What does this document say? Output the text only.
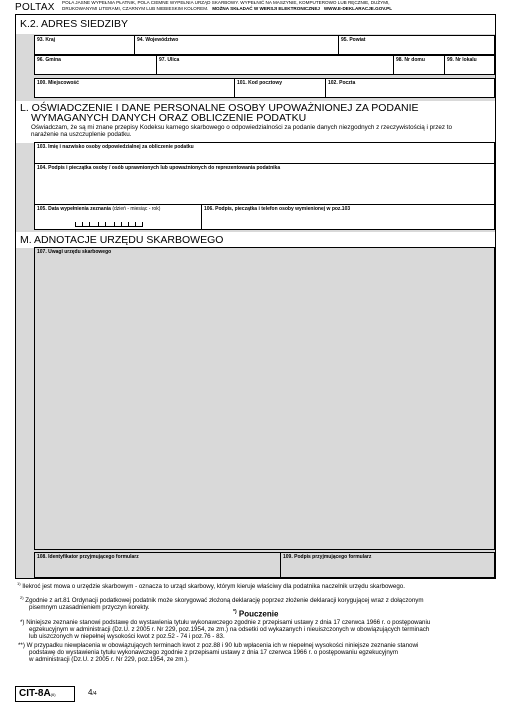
POLTAX POLA JASNE WYPEŁNIA PŁATNIK, POLA CIEMNE WYPEŁNIA URZĄD SKARBOWY. WYPEŁNIĆ NA MASZYNIE, KOMPUTEROWO LUB RĘCZNIE, DUŻYMI,
DRUKOWANYMI LITERAMI, CZARNYM LUB NIEBIESKIM KOLOREM. MOŻNA SKŁADAĆ W WERSJI ELEKTRONICZNEJ WWW.E-DEKLARACJE.GOV.PL
K.2. ADRES SIEDZIBY
93. Kraj	94. Województwo	95. Powiat
96. Gmina	97. Ulica	98. Nr domu	99. Nr lokalu
100. Miejscowość	101. Kod pocztowy	102. Poczta
L. OŚWIADCZENIE I DANE PERSONALNE OSOBY UPOWAŻNIONEJ ZA PODANIE
WYMAGANYCH DANYCH ORAZ OBLICZENIE PODATKU
Oświadczam, że są mi znane przepisy Kodeksu karnego skarbowego o odpowiedzialności za podanie danych niezgodnych z rzeczywistością i przez to
narażenie na uszczuplenie podatku.
103. Imię i nazwisko osoby odpowiedzialnej za obliczenie podatku
104. Podpis i pieczątka osoby / osób uprawnionych lub upoważnionych do reprezentowania podatnika
105. Data wypełnienia zeznania (dzień - miesiąc - rok)	106. Podpis, pieczątka i telefon osoby wymienionej w poz.103
M. ADNOTACJE URZĘDU SKARBOWEGO
107. Uwagi urzędu skarbowego
108. Identyfikator przyjmującego formularz	109. Podpis przyjmującego formularz
$^{1)}$ Ilekroć jest mowa o urzędzie skarbowym - oznacza to urząd skarbowy, którym kieruje właściwy dla podatnika naczelnik urzędu skarbowego.
$^{2)}$ Zgodnie z art.81 Ordynacji podatkowej podatnik może skorygować złożoną deklarację poprzez złożenie deklaracji korygującej wraz z dołączonym
pisemnym uzasadnieniem przyczyn korekty.
*) Pouczenie
*) Niniejsze zeznanie stanowi podstawę do wystawienia tytułu wykonawczego zgodnie z przepisami ustawy z dnia 17 czerwca 1966 r. o postępowaniu
egzekucyjnym w administracji (Dz.U. z 2005 r. Nr 229, poz.1954, ze zm.) na odsetki od wykazanych i nieuiszczonych w obowiązujących terminach
lub uiszczonych w niepełnej wysokości kwot z poz.52 - 74 i poz.76 - 83.
**) W przypadku niewpłacenia w obowiązujących terminach kwot z poz.88 i 90 lub wpłacenia ich w niepełnej wysokości niniejsze zeznanie stanowi
podstawę do wystawienia tytułu wykonawczego zgodnie z przepisami ustawy z dnia 17 czerwca 1966 r. o postępowaniu egzekucyjnym
w administracji (Dz.U. z 2005 r. Nr 229, poz.1954, ze zm.).
CIT-8A(6)	4/4
